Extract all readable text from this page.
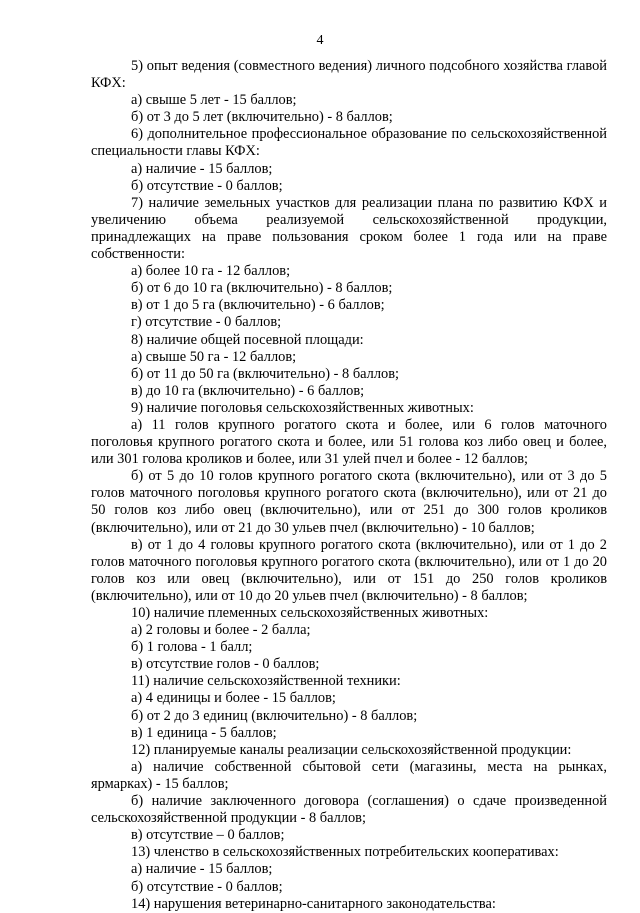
4

5) опыт ведения (совместного ведения) личного подсобного хозяйства главой КФХ:

а) свыше 5 лет - 15 баллов;

б) от 3 до 5 лет (включительно) - 8 баллов;

6) дополнительное профессиональное образование по сельскохозяйственной специальности главы КФХ:

а) наличие - 15 баллов;

б) отсутствие - 0 баллов;

7) наличие земельных участков для реализации плана по развитию КФХ и увеличению объема реализуемой сельскохозяйственной продукции, принадлежащих на праве пользования сроком более 1 года или на праве собственности:

а) более 10 га - 12 баллов;

б) от 6 до 10 га (включительно) - 8 баллов;

в) от 1 до 5 га (включительно) - 6 баллов;

г) отсутствие - 0 баллов;

8) наличие общей посевной площади:

а) свыше 50 га - 12 баллов;

б) от 11 до 50 га (включительно) - 8 баллов;

в) до 10 га (включительно) - 6 баллов;

9) наличие поголовья сельскохозяйственных животных:

а) 11 голов крупного рогатого скота и более, или 6 голов маточного поголовья крупного рогатого скота и более, или 51 голова коз либо овец и более, или 301 голова кроликов и более, или 31 улей пчел и более - 12 баллов;

б) от 5 до 10 голов крупного рогатого скота (включительно), или от 3 до 5 голов маточного поголовья крупного рогатого скота (включительно), или от 21 до 50 голов коз либо овец (включительно), или от 251 до 300 голов кроликов (включительно), или от 21 до 30 ульев пчел (включительно) - 10 баллов;

в) от 1 до 4 головы крупного рогатого скота (включительно), или от 1 до 2 голов маточного поголовья крупного рогатого скота (включительно), или от 1 до 20 голов коз или овец (включительно), или от 151 до 250 голов кроликов (включительно), или от 10 до 20 ульев пчел (включительно) - 8 баллов;

10) наличие племенных сельскохозяйственных животных:

а) 2 головы и более - 2 балла;

б) 1 голова - 1 балл;

в) отсутствие голов - 0 баллов;

11) наличие сельскохозяйственной техники:

а) 4 единицы и более - 15 баллов;

б) от 2 до 3 единиц (включительно) - 8 баллов;

в) 1 единица - 5 баллов;

12) планируемые каналы реализации сельскохозяйственной продукции:

а) наличие собственной сбытовой сети (магазины, места на рынках, ярмарках) - 15 баллов;

б) наличие заключенного договора (соглашения) о сдаче произведенной сельскохозяйственной продукции - 8 баллов;

в) отсутствие – 0 баллов;

13) членство в сельскохозяйственных потребительских кооперативах:

а) наличие - 15 баллов;

б) отсутствие - 0 баллов;

14) нарушения ветеринарно-санитарного законодательства:
